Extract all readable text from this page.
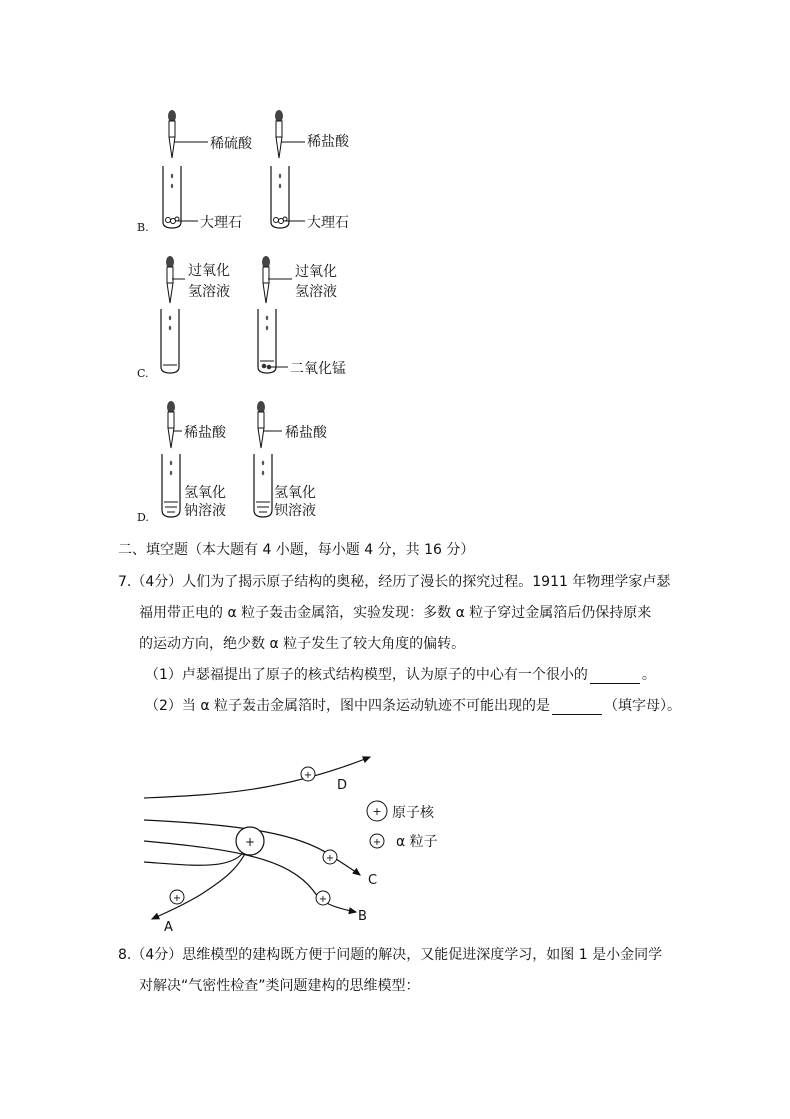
稀硫酸
大理石
稀盐酸
大理石
B.
过氧化
氢溶液
过氧化
氢溶液
二氧化锰
C.
稀盐酸
氢氧化
钠溶液
稀盐酸
氢氧化
钡溶液
D.
二、填空题（本大题有 4 小题，每小题 4 分，共 16 分）
7.（4分）人们为了揭示原子结构的奥秘，经历了漫长的探究过程。1911 年物理学家卢瑟
福用带正电的 α 粒子轰击金属箔，实验发现：多数 α 粒子穿过金属箔后仍保持原来
的运动方向，绝少数 α 粒子发生了较大角度的偏转。
（1）卢瑟福提出了原子的核式结构模型，认为原子的中心有一个很小的	。
（2）当 α 粒子轰击金属箔时，图中四条运动轨迹不可能出现的是	（填字母）。
+
+
+
+
+
D
C
B
A
+ 原子核
+ α 粒子
8.（4分）思维模型的建构既方便于问题的解决，又能促进深度学习，如图 1 是小金同学
对解决“气密性检查”类问题建构的思维模型：
